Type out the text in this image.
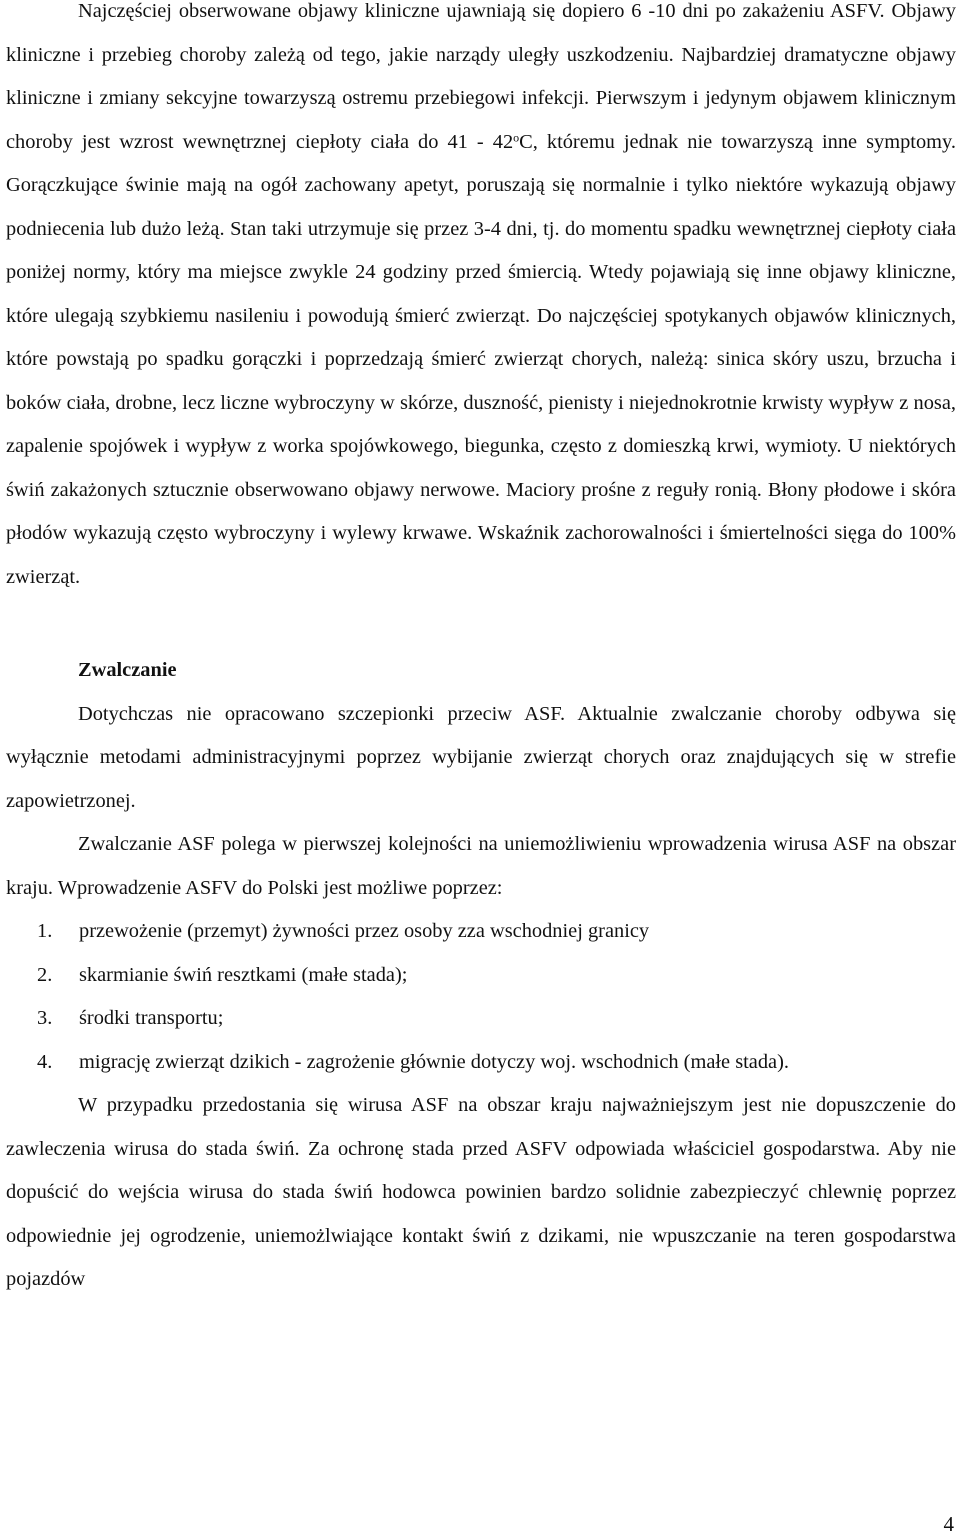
Najczęściej obserwowane objawy kliniczne ujawniają się dopiero 6 -10 dni po zakażeniu ASFV. Objawy kliniczne i przebieg choroby zależą od tego, jakie narządy uległy uszkodzeniu. Najbardziej dramatyczne objawy kliniczne i zmiany sekcyjne towarzyszą ostremu przebiegowi infekcji. Pierwszym i jedynym objawem klinicznym choroby jest wzrost wewnętrznej ciepłoty ciała do 41 - 42$^o$C, któremu jednak nie towarzyszą inne symptomy. Gorączkujące świnie mają na ogół zachowany apetyt, poruszają się normalnie i tylko niektóre wykazują objawy podniecenia lub dużo leżą. Stan taki utrzymuje się przez 3-4 dni, tj. do momentu spadku wewnętrznej ciepłoty ciała poniżej normy, który ma miejsce zwykle 24 godziny przed śmiercią. Wtedy pojawiają się inne objawy kliniczne, które ulegają szybkiemu nasileniu i powodują śmierć zwierząt. Do najczęściej spotykanych objawów klinicznych, które powstają po spadku gorączki i poprzedzają śmierć zwierząt chorych, należą: sinica skóry uszu, brzucha i boków ciała, drobne, lecz liczne wybroczyny w skórze, duszność, pienisty i niejednokrotnie krwisty wypływ z nosa, zapalenie spojówek i wypływ z worka spojówkowego, biegunka, często z domieszką krwi, wymioty. U niektórych świń zakażonych sztucznie obserwowano objawy nerwowe. Maciory prośne z reguły ronią. Błony płodowe i skóra płodów wykazują często wybroczyny i wylewy krwawe. Wskaźnik zachorowalności i śmiertelności sięga do 100% zwierząt.

Zwalczanie

Dotychczas nie opracowano szczepionki przeciw ASF. Aktualnie zwalczanie choroby odbywa się wyłącznie metodami administracyjnymi poprzez wybijanie zwierząt chorych oraz znajdujących się w strefie zapowietrzonej.

Zwalczanie ASF polega w pierwszej kolejności na uniemożliwieniu wprowadzenia wirusa ASF na obszar kraju. Wprowadzenie ASFV do Polski jest możliwe poprzez:

1. przewożenie (przemyt) żywności przez osoby zza wschodniej granicy
2. skarmianie świń resztkami (małe stada);
3. środki transportu;
4. migrację zwierząt dzikich - zagrożenie głównie dotyczy woj. wschodnich (małe stada).

W przypadku przedostania się wirusa ASF na obszar kraju najważniejszym jest nie dopuszczenie do zawleczenia wirusa do stada świń. Za ochronę stada przed ASFV odpowiada właściciel gospodarstwa. Aby nie dopuścić do wejścia wirusa do stada świń hodowca powinien bardzo solidnie zabezpieczyć chlewnię poprzez odpowiednie jej ogrodzenie, uniemożlwiające kontakt świń z dzikami, nie wpuszczanie na teren gospodarstwa pojazdów

4
